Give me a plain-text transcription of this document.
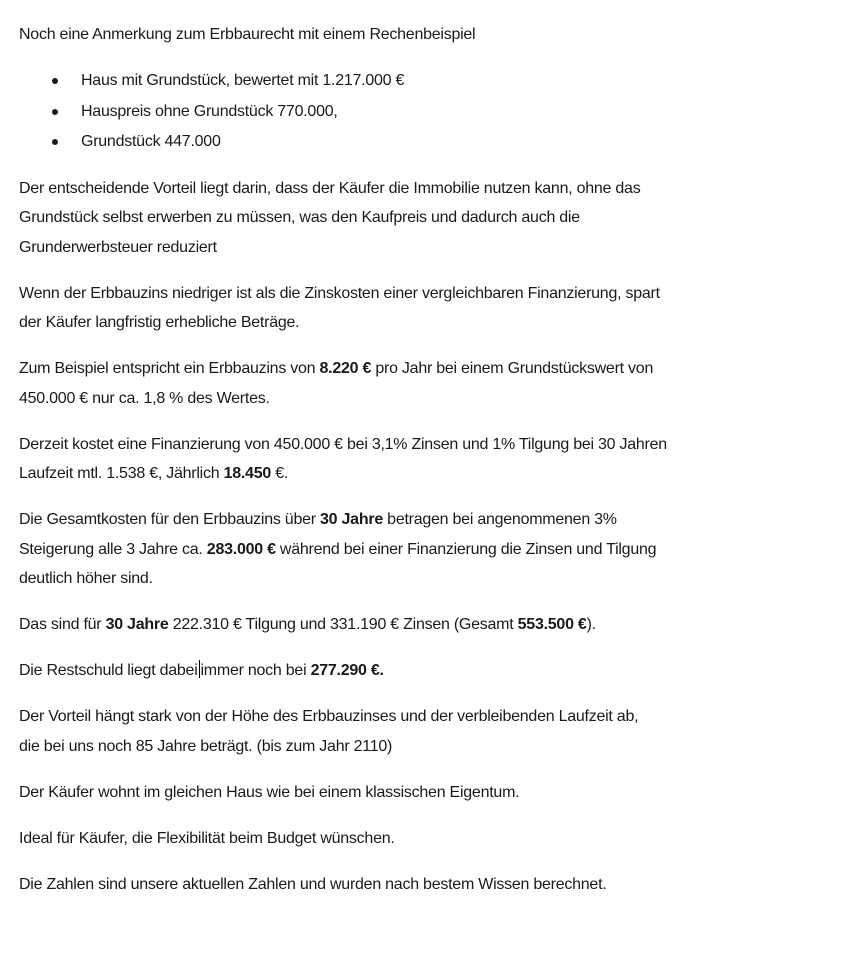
Noch eine Anmerkung zum Erbbaurecht mit einem Rechenbeispiel
Haus mit Grundstück, bewertet mit 1.217.000 €
Hauspreis ohne Grundstück 770.000,
Grundstück 447.000
Der entscheidende Vorteil liegt darin, dass der Käufer die Immobilie nutzen kann, ohne das
Grundstück selbst erwerben zu müssen, was den Kaufpreis und dadurch auch die
Grunderwerbsteuer reduziert
Wenn der Erbbauzins niedriger ist als die Zinskosten einer vergleichbaren Finanzierung, spart
der Käufer langfristig erhebliche Beträge.
Zum Beispiel entspricht ein Erbbauzins von 8.220 € pro Jahr bei einem Grundstückswert von
450.000 € nur ca. 1,8 % des Wertes.
Derzeit kostet eine Finanzierung von 450.000 € bei 3,1% Zinsen und 1% Tilgung bei 30 Jahren
Laufzeit mtl. 1.538 €, Jährlich 18.450 €.
Die Gesamtkosten für den Erbbauzins über 30 Jahre betragen bei angenommenen 3%
Steigerung alle 3 Jahre ca. 283.000 € während bei einer Finanzierung die Zinsen und Tilgung
deutlich höher sind.
Das sind für 30 Jahre 222.310 € Tilgung und 331.190 € Zinsen (Gesamt 553.500 €).
Die Restschuld liegt dabei immer noch bei 277.290 €.
Der Vorteil hängt stark von der Höhe des Erbbauzinses und der verbleibenden Laufzeit ab,
die bei uns noch 85 Jahre beträgt. (bis zum Jahr 2110)
Der Käufer wohnt im gleichen Haus wie bei einem klassischen Eigentum.
Ideal für Käufer, die Flexibilität beim Budget wünschen.
Die Zahlen sind unsere aktuellen Zahlen und wurden nach bestem Wissen berechnet.
